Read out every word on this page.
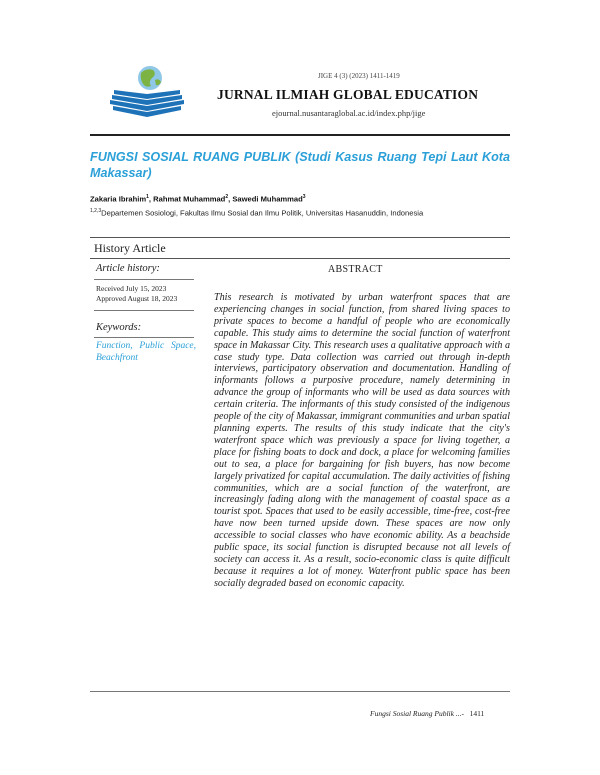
JIGE 4 (3) (2023) 1411-1419
JURNAL ILMIAH GLOBAL EDUCATION
ejournal.nusantaraglobal.ac.id/index.php/jige
FUNGSI SOSIAL RUANG PUBLIK (Studi Kasus Ruang Tepi Laut Kota Makassar)
Zakaria Ibrahim$^1$, Rahmat Muhammad$^2$, Sawedi Muhammad$^3$
$^{1,2,3}$Departemen Sosiologi, Fakultas Ilmu Sosial dan Ilmu Politik, Universitas Hasanuddin, Indonesia
History Article
Article history:
Received July 15, 2023
Approved August 18, 2023
Keywords:
Function, Public Space, Beachfront
ABSTRACT
This research is motivated by urban waterfront spaces that are experiencing changes in social function, from shared living spaces to private spaces to become a handful of people who are economically capable. This study aims to determine the social function of waterfront space in Makassar City. This research uses a qualitative approach with a case study type. Data collection was carried out through in-depth interviews, participatory observation and documentation. Handling of informants follows a purposive procedure, namely determining in advance the group of informants who will be used as data sources with certain criteria. The informants of this study consisted of the indigenous people of the city of Makassar, immigrant communities and urban spatial planning experts. The results of this study indicate that the city's waterfront space which was previously a space for living together, a place for fishing boats to dock and dock, a place for welcoming families out to sea, a place for bargaining for fish buyers, has now become largely privatized for capital accumulation. The daily activities of fishing communities, which are a social function of the waterfront, are increasingly fading along with the management of coastal space as a tourist spot. Spaces that used to be easily accessible, time-free, cost-free have now been turned upside down. These spaces are now only accessible to social classes who have economic ability. As a beachside public space, its social function is disrupted because not all levels of society can access it. As a result, socio-economic class is quite difficult because it requires a lot of money. Waterfront public space has been socially degraded based on economic capacity.
Fungsi Sosial Ruang Publik ...- 1411
